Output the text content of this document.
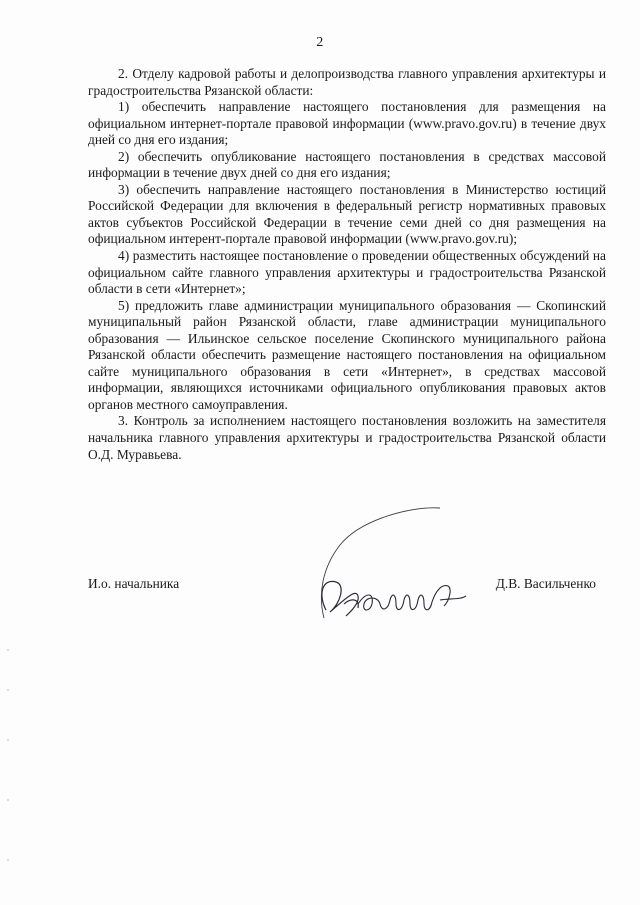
2

2. Отделу кадровой работы и делопроизводства главного управления архитектуры и градостроительства Рязанской области:

1) обеспечить направление настоящего постановления для размещения на официальном интернет-портале правовой информации (www.pravo.gov.ru) в течение двух дней со дня его издания;

2) обеспечить опубликование настоящего постановления в средствах массовой информации в течение двух дней со дня его издания;

3) обеспечить направление настоящего постановления в Министерство юстиций Российской Федерации для включения в федеральный регистр нормативных правовых актов субъектов Российской Федерации в течение семи дней со дня размещения на официальном интерент-портале правовой информации (www.pravo.gov.ru);

4) разместить настоящее постановление о проведении общественных обсуждений на официальном сайте главного управления архитектуры и градостроительства Рязанской области в сети «Интернет»;

5) предложить главе администрации муниципального образования — Скопинский муниципальный район Рязанской области, главе администрации муниципального образования — Ильинское сельское поселение Скопинского муниципального района Рязанской области обеспечить размещение настоящего постановления на официальном сайте муниципального образования в сети «Интернет», в средствах массовой информации, являющихся источниками официального опубликования правовых актов органов местного самоуправления.

3. Контроль за исполнением настоящего постановления возложить на заместителя начальника главного управления архитектуры и градостроительства Рязанской области О.Д. Муравьева.

И.о. начальника	Д.В. Васильченко
